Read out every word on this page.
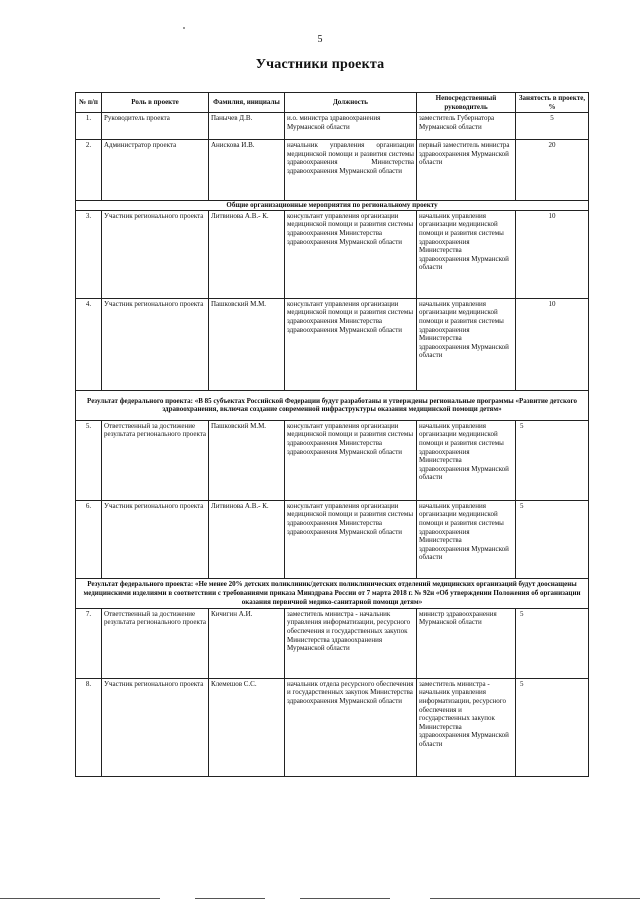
5
Участники проекта
№ п/п	Роль в проекте	Фамилия, инициалы	Должность	Непосредственный руководитель	Занятость в проекте, %
1.	Руководитель проекта	Панычев Д.В.	и.о. министра здравоохранения Мурманской области	заместитель Губернатора Мурманской области	5
2.	Администратор проекта	Анискова И.В.	начальник управления организации медицинской помощи и развития системы здравоохранения Министерства здравоохранения Мурманской области	первый заместитель министра здравоохранения Мурманской области	20
Общие организационные мероприятия по региональному проекту					
3.	Участник регионального проекта	Литвинова А.В.- К.	консультант управления организации медицинской помощи и развития системы здравоохранения Министерства здравоохранения Мурманской области	начальник управления организации медицинской помощи и развития системы здравоохранения Министерства здравоохранения Мурманской области	10
4.	Участник регионального проекта	Пашковский М.М.	консультант управления организации медицинской помощи и развития системы здравоохранения Министерства здравоохранения Мурманской области	начальник управления организации медицинской помощи и развития системы здравоохранения Министерства здравоохранения Мурманской области	10
Результат федерального проекта: «В 85 субъектах Российской Федерации будут разработаны и утверждены региональные программы «Развитие детского здравоохранения, включая создание современной инфраструктуры оказания медицинской помощи детям»					
5.	Ответственный за достижение результата регионального проекта	Пашковский М.М.	консультант управления организации медицинской помощи и развития системы здравоохранения Министерства здравоохранения Мурманской области	начальник управления организации медицинской помощи и развития системы здравоохранения Министерства здравоохранения Мурманской области	5
6.	Участник регионального проекта	Литвинова А.В.- К.	консультант управления организации медицинской помощи и развития системы здравоохранения Министерства здравоохранения Мурманской области	начальник управления организации медицинской помощи и развития системы здравоохранения Министерства здравоохранения Мурманской области	5
Результат федерального проекта: «Не менее 20% детских поликлиник/детских поликлинических отделений медицинских организаций будут дооснащены медицинскими изделиями в соответствии с требованиями приказа Минздрава России от 7 марта 2018 г. № 92н «Об утверждении Положения об организации оказания первичной медико-санитарной помощи детям»					
7.	Ответственный за достижение результата регионального проекта	Кичигин А.И.	заместитель министра - начальник управления информатизации, ресурсного обеспечения и государственных закупок Министерства здравоохранения Мурманской области	министр здравоохранения Мурманской области	5
8.	Участник регионального проекта	Клемешов С.С.	начальник отдела ресурсного обеспечения и государственных закупок Министерства здравоохранения Мурманской области	заместитель министра - начальник управления информатизации, ресурсного обеспечения и государственных закупок Министерства здравоохранения Мурманской области	5
